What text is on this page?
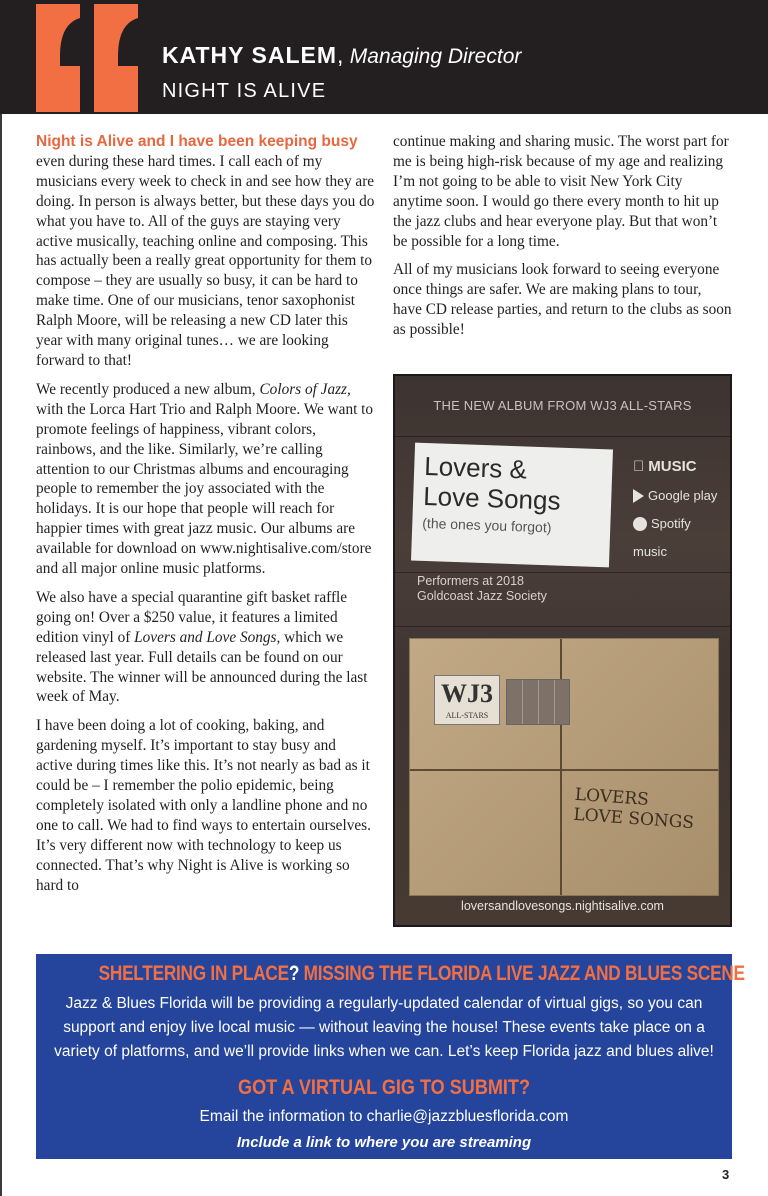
KATHY SALEM, Managing Director
NIGHT IS ALIVE

Night is Alive and I have been keeping busy even during these hard times. I call each of my musicians every week to check in and see how they are doing. In person is always better, but these days you do what you have to. All of the guys are staying very active musically, teaching online and composing. This has actually been a really great opportunity for them to compose – they are usually so busy, it can be hard to make time. One of our musicians, tenor saxophonist Ralph Moore, will be releasing a new CD later this year with many original tunes… we are looking forward to that!

We recently produced a new album, Colors of Jazz, with the Lorca Hart Trio and Ralph Moore. We want to promote feelings of happiness, vibrant colors, rainbows, and the like. Similarly, we’re calling attention to our Christmas albums and encouraging people to remember the joy associated with the holidays. It is our hope that people will reach for happier times with great jazz music. Our albums are available for download on www.nightisalive.com/store and all major online music platforms.

We also have a special quarantine gift basket raffle going on! Over a $250 value, it features a limited edition vinyl of Lovers and Love Songs, which we released last year. Full details can be found on our website. The winner will be announced during the last week of May.

I have been doing a lot of cooking, baking, and gardening myself. It’s important to stay busy and active during times like this. It’s not nearly as bad as it could be – I remember the polio epidemic, being completely isolated with only a landline phone and no one to call. We had to find ways to entertain ourselves. It’s very different now with technology to keep us connected. That’s why Night is Alive is working so hard to

continue making and sharing music. The worst part for me is being high-risk because of my age and realizing I’m not going to be able to visit New York City anytime soon. I would go there every month to hit up the jazz clubs and hear everyone play. But that won’t be possible for a long time.

All of my musicians look forward to seeing everyone once things are safer. We are making plans to tour, have CD release parties, and return to the clubs as soon as possible!

THE NEW ALBUM FROM WJ3 ALL-STARS
Lovers &
Love Songs
(the ones you forgot)
MUSIC
Google play
Spotify
music
Performers at 2018
Goldcoast Jazz Society
WJ3
ALL-STARS
LOVERS
LOVE SONGS
loversandlovesongs.nightisalive.com
SHELTERING IN PLACE? MISSING THE FLORIDA LIVE JAZZ AND BLUES SCENE?
Jazz & Blues Florida will be providing a regularly-updated calendar of virtual gigs, so you can support and enjoy live local music — without leaving the house! These events take place on a variety of platforms, and we’ll provide links when we can. Let’s keep Florida jazz and blues alive!
GOT A VIRTUAL GIG TO SUBMIT?
Email the information to charlie@jazzbluesflorida.com
Include a link to where you are streaming
3
